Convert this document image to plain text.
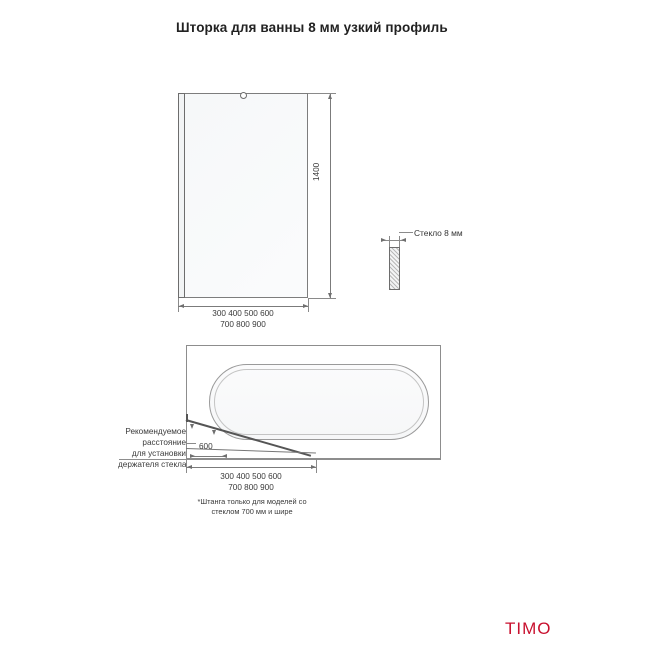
Шторка для ванны 8 мм узкий профиль
1400
300 400 500 600
700 800 900
Стекло 8 мм
Рекомендуемое
расстояние
для установки
держателя стекла
600
300 400 500 600
700 800 900
*Штанга только для моделей со
стеклом 700 мм и шире
TIMO
